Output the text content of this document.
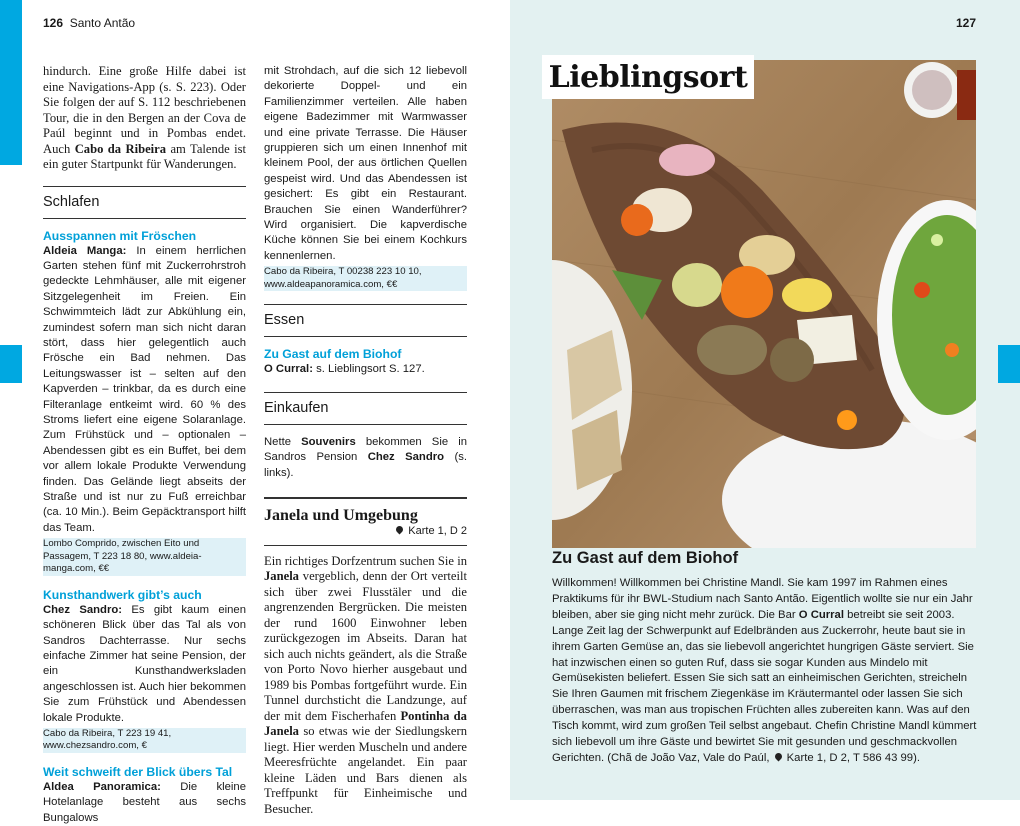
126 Santo Antão

hindurch. Eine große Hilfe dabei ist eine Navigations-App (s. S. 223). Oder Sie folgen der auf S. 112 beschriebenen Tour, die in den Bergen an der Cova de Paúl beginnt und in Pombas endet. Auch Cabo da Ribeira am Talende ist ein guter Startpunkt für Wanderungen.

Schlafen

Ausspannen mit Fröschen

Aldeia Manga: In einem herrlichen Garten stehen fünf mit Zuckerrohrstroh gedeckte Lehmhäuser, alle mit eigener Sitzgelegenheit im Freien. Ein Schwimmteich lädt zur Abkühlung ein, zumindest sofern man sich nicht daran stört, dass hier gelegentlich auch Frösche ein Bad nehmen. Das Leitungswasser ist – selten auf den Kapverden – trinkbar, da es durch eine Filteranlage entkeimt wird. 60 % des Stroms liefert eine eigene Solaranlage. Zum Frühstück und – optionalen – Abendessen gibt es ein Buffet, bei dem vor allem lokale Produkte Verwendung finden. Das Gelände liegt abseits der Straße und ist nur zu Fuß erreichbar (ca. 10 Min.). Beim Gepäcktransport hilft das Team.

Lombo Comprido, zwischen Eito und Passagem, T 223 18 80, www.aldeia-manga.com, €€

Kunsthandwerk gibt’s auch

Chez Sandro: Es gibt kaum einen schöneren Blick über das Tal als von Sandros Dachterrasse. Nur sechs einfache Zimmer hat seine Pension, der ein Kunsthandwerksladen angeschlossen ist. Auch hier bekommen Sie zum Frühstück und Abendessen lokale Produkte.

Cabo da Ribeira, T 223 19 41, www.chezsandro.com, €

Weit schweift der Blick übers Tal

Aldea Panoramica: Die kleine Hotelanlage besteht aus sechs Bungalows

mit Strohdach, auf die sich 12 liebevoll dekorierte Doppel- und ein Familienzimmer verteilen. Alle haben eigene Badezimmer mit Warmwasser und eine private Terrasse. Die Häuser gruppieren sich um einen Innenhof mit kleinem Pool, der aus örtlichen Quellen gespeist wird. Und das Abendessen ist gesichert: Es gibt ein Restaurant. Brauchen Sie einen Wanderführer? Wird organisiert. Die kapverdische Küche können Sie bei einem Kochkurs kennenlernen.

Cabo da Ribeira, T 00238 223 10 10, www.aldeapanoramica.com, €€

Essen

Zu Gast auf dem Biohof

O Curral: s. Lieblingsort S. 127.

Einkaufen

Nette Souvenirs bekommen Sie in Sandros Pension Chez Sandro (s. links).

Janela und Umgebung

Karte 1, D 2

Ein richtiges Dorfzentrum suchen Sie in Janela vergeblich, denn der Ort verteilt sich über zwei Flusstäler und die angrenzenden Bergrücken. Die meisten der rund 1600 Einwohner leben zurückgezogen im Abseits. Daran hat sich auch nichts geändert, als die Straße von Porto Novo hierher ausgebaut und 1989 bis Pombas fortgeführt wurde. Ein Tunnel durchsticht die Landzunge, auf der mit dem Fischerhafen Pontinha da Janela so etwas wie der Siedlungskern liegt. Hier werden Muscheln und andere Meeresfrüchte angelandet. Ein paar kleine Läden und Bars dienen als Treffpunkt für Einheimische und Besucher.

127
Lieblingsort

Zu Gast auf dem Biohof

Willkommen! Willkommen bei Christine Mandl. Sie kam 1997 im Rahmen eines Praktikums für ihr BWL-Studium nach Santo Antão. Eigentlich wollte sie nur ein Jahr bleiben, aber sie ging nicht mehr zurück. Die Bar O Curral betreibt sie seit 2003. Lange Zeit lag der Schwerpunkt auf Edelbränden aus Zuckerrohr, heute baut sie in ihrem Garten Gemüse an, das sie liebevoll angerichtet hungrigen Gäste serviert. Sie hat inzwischen einen so guten Ruf, dass sie sogar Kunden aus Mindelo mit Gemüsekisten beliefert. Essen Sie sich satt an einheimischen Gerichten, streicheln Sie Ihren Gaumen mit frischem Ziegenkäse im Kräutermantel oder lassen Sie sich überraschen, was man aus tropischen Früchten alles zubereiten kann. Was auf den Tisch kommt, wird zum großen Teil selbst angebaut. Chefin Christine Mandl kümmert sich liebevoll um ihre Gäste und bewirtet Sie mit gesunden und geschmackvollen Gerichten. (Chã de João Vaz, Vale do Paúl, Karte 1, D 2, T 586 43 99).
